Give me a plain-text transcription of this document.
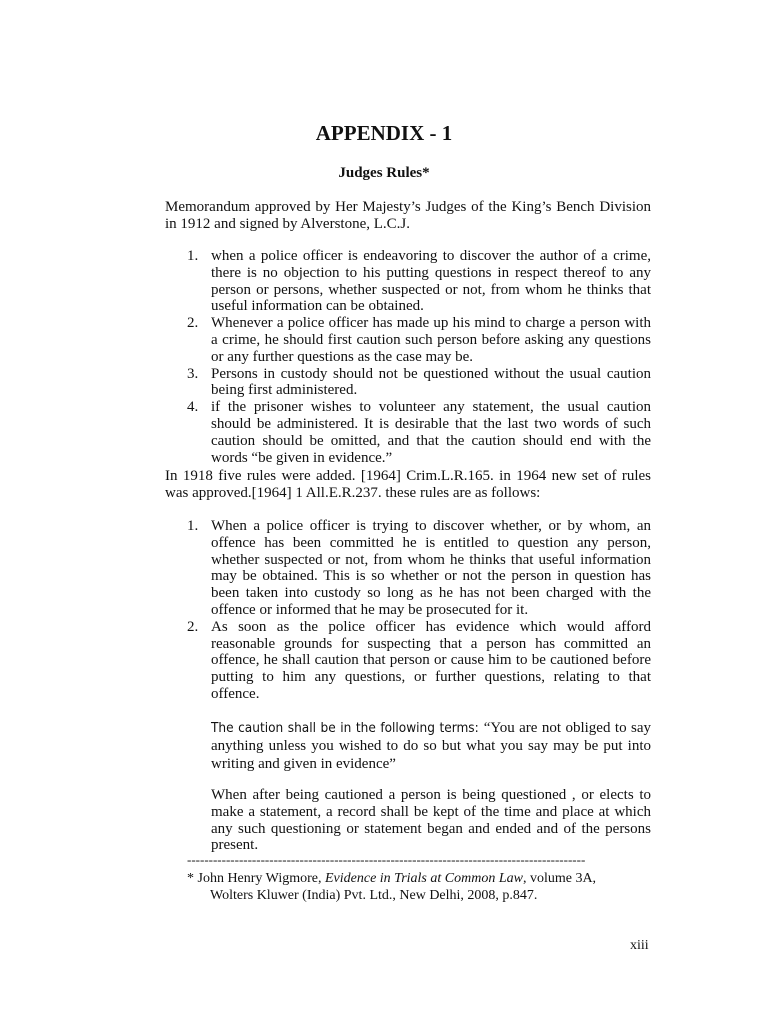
APPENDIX - 1
Judges Rules*
Memorandum approved by Her Majesty’s Judges of the King’s Bench Division in 1912 and signed by Alverstone, L.C.J.
1. when a police officer is endeavoring to discover the author of a crime, there is no objection to his putting questions in respect thereof to any person or persons, whether suspected or not, from whom he thinks that useful information can be obtained.
2. Whenever a police officer has made up his mind to charge a person with a crime, he should first caution such person before asking any questions or any further questions as the case may be.
3. Persons in custody should not be questioned without the usual caution being first administered.
4. if the prisoner wishes to volunteer any statement, the usual caution should be administered. It is desirable that the last two words of such caution should be omitted, and that the caution should end with the words “be given in evidence.”
In 1918 five rules were added. [1964] Crim.L.R.165. in 1964 new set of rules was approved.[1964] 1 All.E.R.237. these rules are as follows:
1. When a police officer is trying to discover whether, or by whom, an offence has been committed he is entitled to question any person, whether suspected or not, from whom he thinks that useful information may be obtained. This is so whether or not the person in question has been taken into custody so long as he has not been charged with the offence or informed that he may be prosecuted for it.
2. As soon as the police officer has evidence which would afford reasonable grounds for suspecting that a person has committed an offence, he shall caution that person or cause him to be cautioned before putting to him any questions, or further questions, relating to that offence.
The caution shall be in the following terms: “You are not obliged to say anything unless you wished to do so but what you say may be put into writing and given in evidence”
When after being cautioned a person is being questioned , or elects to make a statement, a record shall be kept of the time and place at which any such questioning or statement began and ended and of the persons present.
--------------------------------------------------------------------------------------------
* John Henry Wigmore, Evidence in Trials at Common Law, volume 3A,
Wolters Kluwer (India) Pvt. Ltd., New Delhi, 2008, p.847.
xiii
